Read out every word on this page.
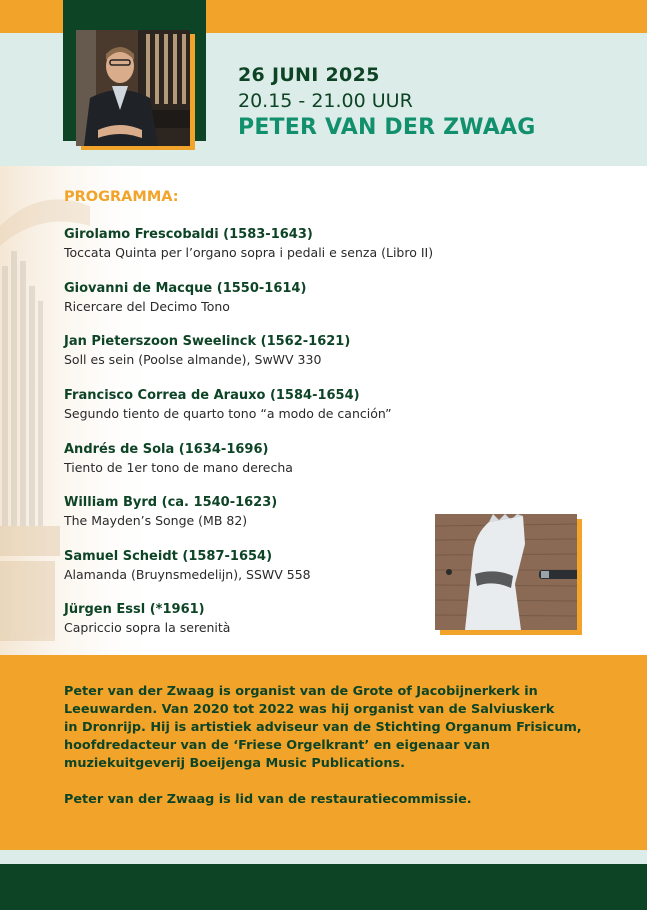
26 JUNI 2025
20.15 - 21.00 UUR
PETER VAN DER ZWAAG
PROGRAMMA:
Girolamo Frescobaldi (1583-1643)
Toccata Quinta per l’organo sopra i pedali e senza (Libro II)
Giovanni de Macque (1550-1614)
Ricercare del Decimo Tono
Jan Pieterszoon Sweelinck (1562-1621)
Soll es sein (Poolse almande), SwWV 330
Francisco Correa de Arauxo (1584-1654)
Segundo tiento de quarto tono “a modo de canción”
Andrés de Sola (1634-1696)
Tiento de 1er tono de mano derecha
William Byrd (ca. 1540-1623)
The Mayden’s Songe (MB 82)
Samuel Scheidt (1587-1654)
Alamanda (Bruynsmedelijn), SSWV 558
Jürgen Essl (*1961)
Capriccio sopra la serenità
Peter van der Zwaag is organist van de Grote of Jacobijnerkerk in
Leeuwarden. Van 2020 tot 2022 was hij organist van de Salviuskerk
in Dronrijp. Hij is artistiek adviseur van de Stichting Organum Frisicum,
hoofdredacteur van de ‘Friese Orgelkrant’ en eigenaar van
muziekuitgeverij Boeijenga Music Publications.
Peter van der Zwaag is lid van de restauratiecommissie.
